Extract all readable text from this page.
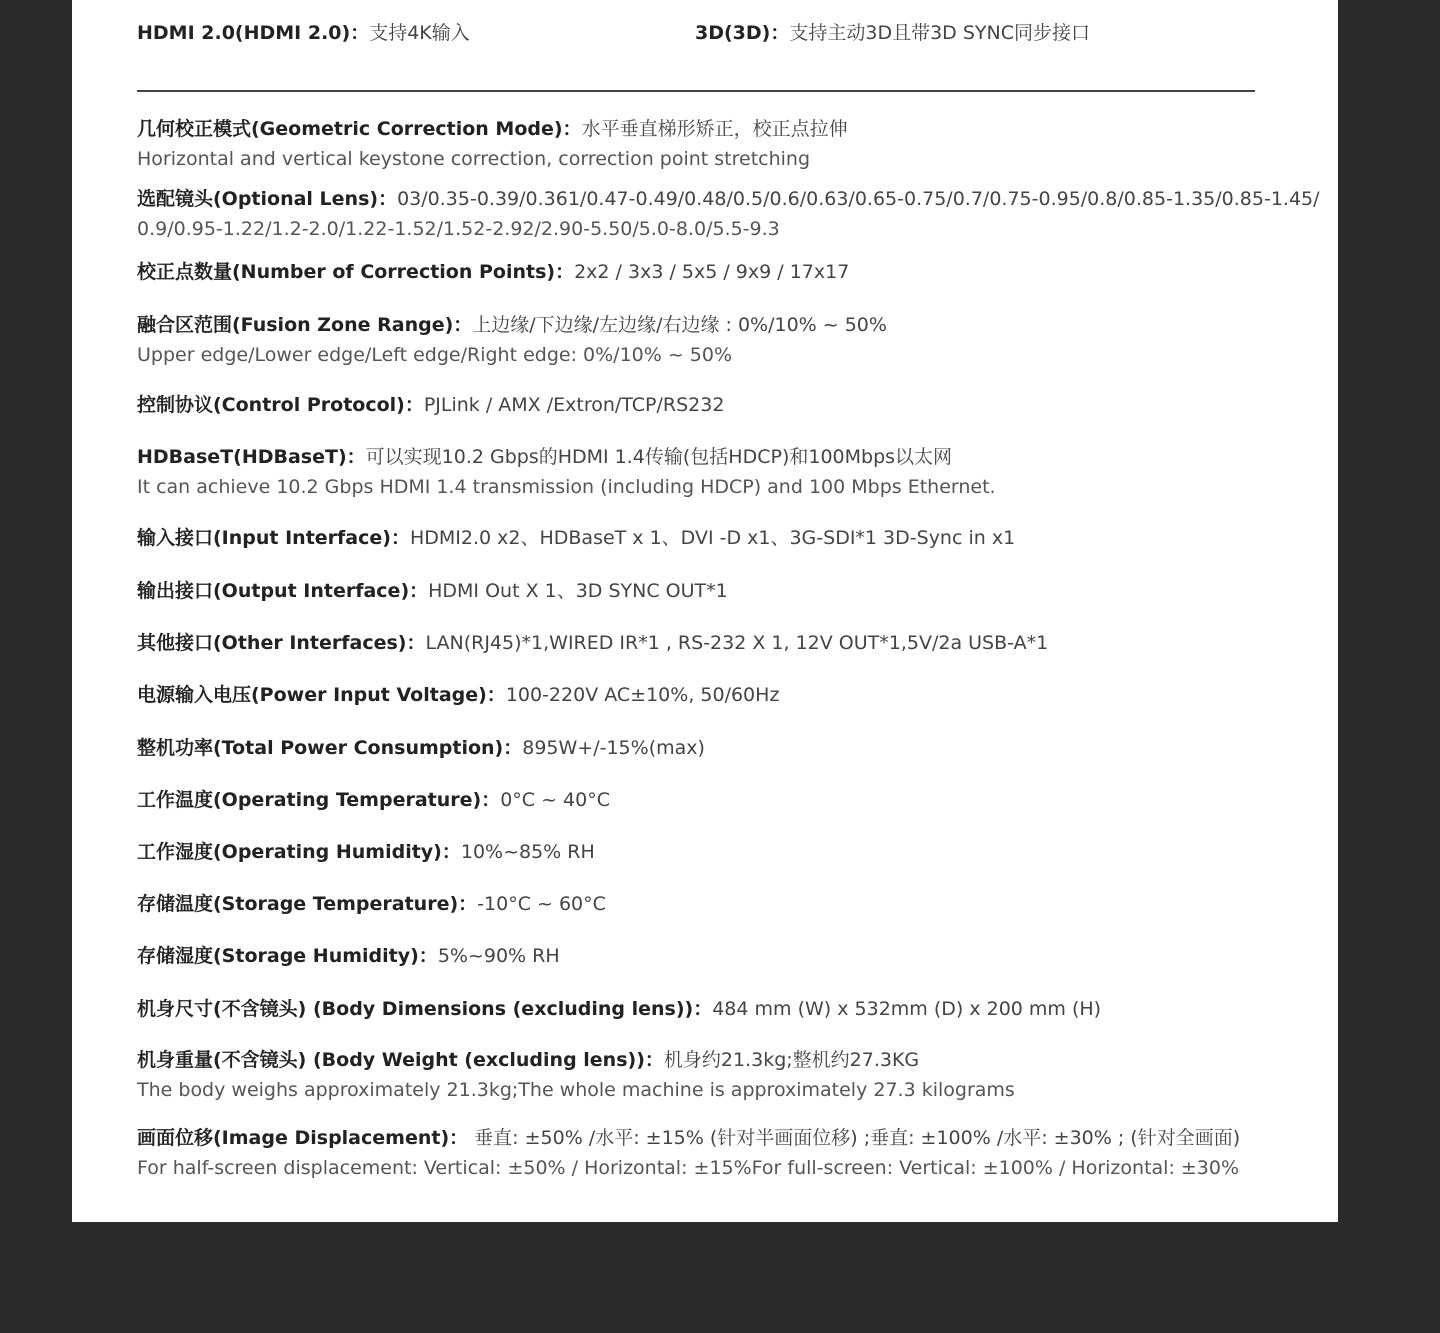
HDMI 2.0(HDMI 2.0)：支持4K输入	3D(3D)：支持主动3D且带3D SYNC同步接口
几何校正模式(Geometric Correction Mode)：水平垂直梯形矫正，校正点拉伸
Horizontal and vertical keystone correction, correction point stretching
选配镜头(Optional Lens)：03/0.35-0.39/0.361/0.47-0.49/0.48/0.5/0.6/0.63/0.65-0.75/0.7/0.75-0.95/0.8/0.85-1.35/0.85-1.45/
0.9/0.95-1.22/1.2-2.0/1.22-1.52/1.52-2.92/2.90-5.50/5.0-8.0/5.5-9.3
校正点数量(Number of Correction Points)：2x2 / 3x3 / 5x5 / 9x9 / 17x17
融合区范围(Fusion Zone Range)：上边缘/下边缘/左边缘/右边缘 : 0%/10% ~ 50%
Upper edge/Lower edge/Left edge/Right edge: 0%/10% ~ 50%
控制协议(Control Protocol)：PJLink / AMX /Extron/TCP/RS232
HDBaseT(HDBaseT)：可以实现10.2 Gbps的HDMI 1.4传输(包括HDCP)和100Mbps以太网
It can achieve 10.2 Gbps HDMI 1.4 transmission (including HDCP) and 100 Mbps Ethernet.
输入接口(Input Interface)：HDMI2.0 x2、HDBaseT x 1、DVI -D x1、3G-SDI*1 3D-Sync in x1
输出接口(Output Interface)：HDMI Out X 1、3D SYNC OUT*1
其他接口(Other Interfaces)：LAN(RJ45)*1,WIRED IR*1 , RS-232 X 1, 12V OUT*1,5V/2a USB-A*1
电源输入电压(Power Input Voltage)：100-220V AC±10%, 50/60Hz
整机功率(Total Power Consumption)：895W+/-15%(max)
工作温度(Operating Temperature)：0°C ~ 40°C
工作湿度(Operating Humidity)：10%~85% RH
存储温度(Storage Temperature)：-10°C ~ 60°C
存储湿度(Storage Humidity)：5%~90% RH
机身尺寸(不含镜头) (Body Dimensions (excluding lens))：484 mm (W) x 532mm (D) x 200 mm (H)
机身重量(不含镜头) (Body Weight (excluding lens))：机身约21.3kg;整机约27.3KG
The body weighs approximately 21.3kg;The whole machine is approximately 27.3 kilograms
画面位移(Image Displacement)： 垂直: ±50% /水平: ±15% (针对半画面位移) ;垂直: ±100% /水平: ±30% ; (针对全画面)
For half-screen displacement: Vertical: ±50% / Horizontal: ±15%For full-screen: Vertical: ±100% / Horizontal: ±30%
